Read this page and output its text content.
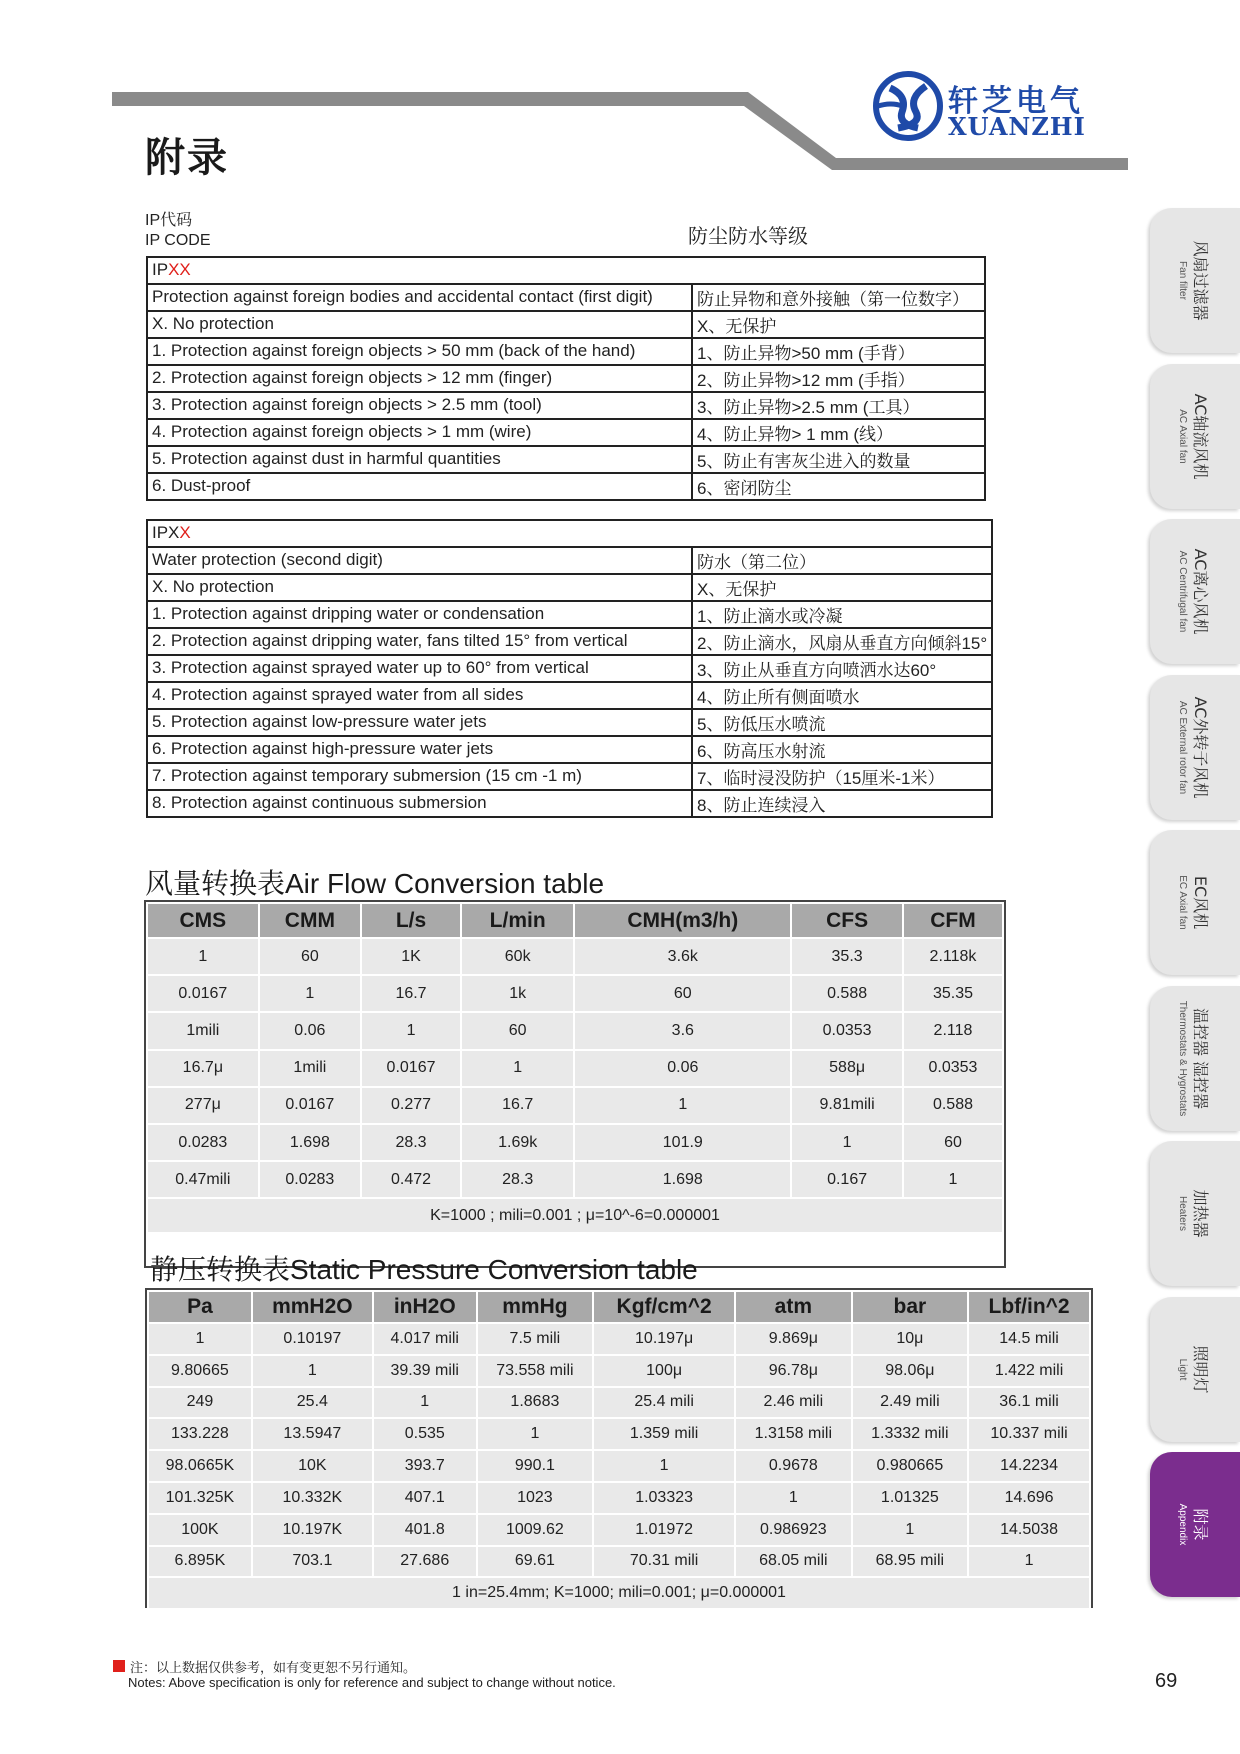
附录
轩芝电气
XUANZHI
IP代码
IP CODE	防尘防水等级
IPXX	
Protection against foreign bodies and accidental contact (first digit)	防止异物和意外接触（第一位数字）
X. No protection	X、无保护
1. Protection against foreign objects > 50 mm (back of the hand)	1、防止异物>50 mm (手背）
2. Protection against foreign objects > 12 mm (finger)	2、防止异物>12 mm (手指）
3. Protection against foreign objects > 2.5 mm (tool)	3、防止异物>2.5 mm (工具）
4. Protection against foreign objects > 1 mm (wire)	4、防止异物> 1 mm (线）
5. Protection against dust in harmful quantities	5、防止有害灰尘进入的数量
6. Dust-proof	6、密闭防尘
IPXX	
Water protection (second digit)	防水（第二位）
X. No protection	X、无保护
1. Protection against dripping water or condensation	1、防止滴水或冷凝
2. Protection against dripping water, fans tilted 15° from vertical	2、防止滴水，风扇从垂直方向倾斜15°
3. Protection against sprayed water up to 60° from vertical	3、防止从垂直方向喷洒水达60°
4. Protection against sprayed water from all sides	4、防止所有侧面喷水
5. Protection against low-pressure water jets	5、防低压水喷流
6. Protection against high-pressure water jets	6、防高压水射流
7. Protection against temporary submersion (15 cm -1 m)	7、临时浸没防护（15厘米-1米）
8. Protection against continuous submersion	8、防止连续浸入
风量转换表Air Flow Conversion table
CMS	CMM	L/s	L/min	CMH(m3/h)	CFS	CFM
1	60	1K	60k	3.6k	35.3	2.118k
0.0167	1	16.7	1k	60	0.588	35.35
1mili	0.06	1	60	3.6	0.0353	2.118
16.7μ	1mili	0.0167	1	0.06	588μ	0.0353
277μ	0.0167	0.277	16.7	1	9.81mili	0.588
0.0283	1.698	28.3	1.69k	101.9	1	60
0.47mili	0.0283	0.472	28.3	1.698	0.167	1
K=1000 ; mili=0.001 ; μ=10^-6=0.000001						
静压转换表Static Pressure Conversion table
Pa	mmH2O	inH2O	mmHg	Kgf/cm^2	atm	bar	Lbf/in^2
1	0.10197	4.017 mili	7.5 mili	10.197μ	9.869μ	10μ	14.5 mili
9.80665	1	39.39 mili	73.558 mili	100μ	96.78μ	98.06μ	1.422 mili
249	25.4	1	1.8683	25.4 mili	2.46 mili	2.49 mili	36.1 mili
133.228	13.5947	0.535	1	1.359 mili	1.3158 mili	1.3332 mili	10.337 mili
98.0665K	10K	393.7	990.1	1	0.9678	0.980665	14.2234
101.325K	10.332K	407.1	1023	1.03323	1	1.01325	14.696
100K	10.197K	401.8	1009.62	1.01972	0.986923	1	14.5038
6.895K	703.1	27.686	69.61	70.31 mili	68.05 mili	68.95 mili	1
1 in=25.4mm; K=1000; mili=0.001; μ=0.000001							
风扇过滤器
Fan filter
AC轴流风机
AC Axial fan
AC离心风机
AC Centrifugal fan
AC外转子风机
AC External rotor fan
EC风机
EC Axial fan
温控器 湿控器
Thermostats & Hygrostats
加热器
Heaters
照明灯
Light
附录
Appendix
注：以上数据仅供参考，如有变更恕不另行通知。
Notes: Above specification is only for reference and subject to change without notice.	69
